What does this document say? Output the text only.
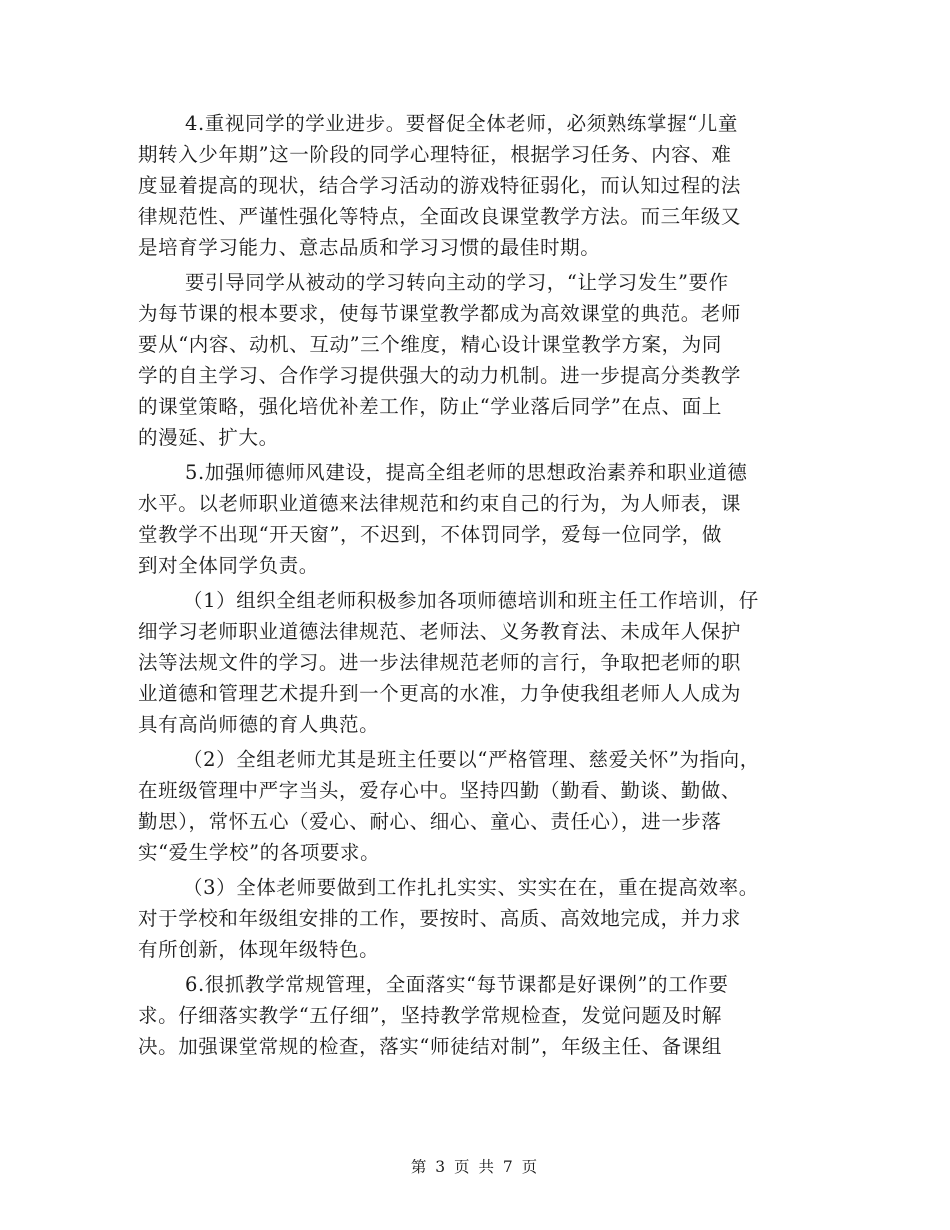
4.重视同学的学业进步。要督促全体老师，必须熟练掌握“儿童
期转入少年期”这一阶段的同学心理特征，根据学习任务、内容、难
度显着提高的现状，结合学习活动的游戏特征弱化，而认知过程的法
律规范性、严谨性强化等特点，全面改良课堂教学方法。而三年级又
是培育学习能力、意志品质和学习习惯的最佳时期。
要引导同学从被动的学习转向主动的学习，“让学习发生”要作
为每节课的根本要求，使每节课堂教学都成为高效课堂的典范。老师
要从“内容、动机、互动”三个维度，精心设计课堂教学方案，为同
学的自主学习、合作学习提供强大的动力机制。进一步提高分类教学
的课堂策略，强化培优补差工作，防止“学业落后同学”在点、面上
的漫延、扩大。
5.加强师德师风建设，提高全组老师的思想政治素养和职业道德
水平。以老师职业道德来法律规范和约束自己的行为，为人师表，课
堂教学不出现“开天窗”，不迟到，不体罚同学，爱每一位同学，做
到对全体同学负责。
（1）组织全组老师积极参加各项师德培训和班主任工作培训，仔
细学习老师职业道德法律规范、老师法、义务教育法、未成年人保护
法等法规文件的学习。进一步法律规范老师的言行，争取把老师的职
业道德和管理艺术提升到一个更高的水准，力争使我组老师人人成为
具有高尚师德的育人典范。
（2）全组老师尤其是班主任要以“严格管理、慈爱关怀”为指向，
在班级管理中严字当头，爱存心中。坚持四勤（勤看、勤谈、勤做、
勤思），常怀五心（爱心、耐心、细心、童心、责任心），进一步落
实“爱生学校”的各项要求。
（3）全体老师要做到工作扎扎实实、实实在在，重在提高效率。
对于学校和年级组安排的工作，要按时、高质、高效地完成，并力求
有所创新，体现年级特色。
6.很抓教学常规管理，全面落实“每节课都是好课例”的工作要
求。仔细落实教学“五仔细”，坚持教学常规检查，发觉问题及时解
决。加强课堂常规的检查，落实“师徒结对制”，年级主任、备课组
第 3 页 共 7 页
